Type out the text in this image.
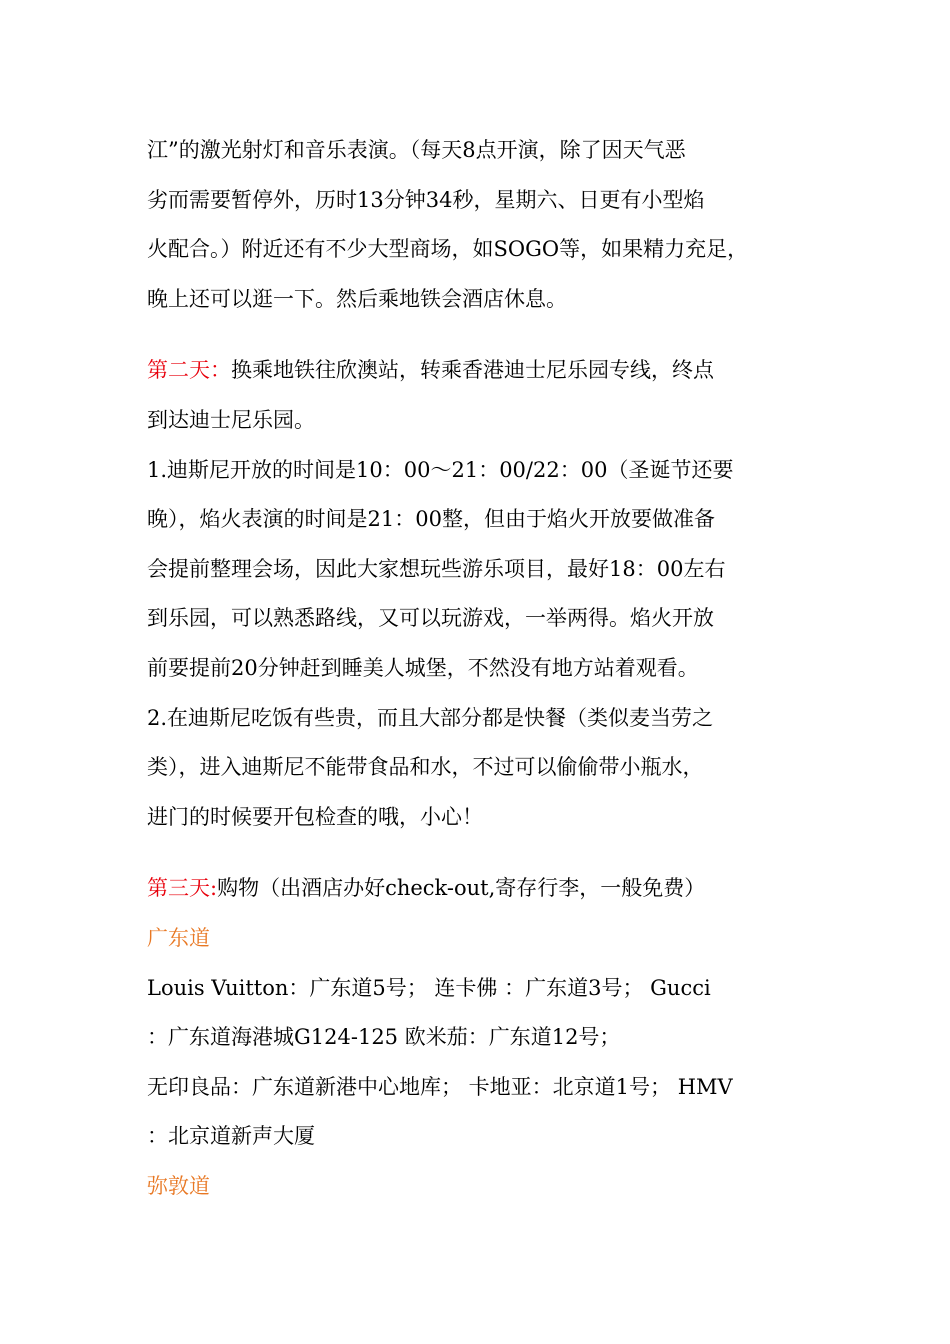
江”的激光射灯和音乐表演。（每天8点开演，除了因天气恶
劣而需要暂停外，历时13分钟34秒，星期六、日更有小型焰
火配合。）附近还有不少大型商场，如SOGO等，如果精力充足，
晚上还可以逛一下。然后乘地铁会酒店休息。
第二天：换乘地铁往欣澳站，转乘香港迪士尼乐园专线，终点
到达迪士尼乐园。
1.迪斯尼开放的时间是10：00～21：00/22：00（圣诞节还要
晚），焰火表演的时间是21：00整，但由于焰火开放要做准备
会提前整理会场，因此大家想玩些游乐项目，最好18：00左右
到乐园，可以熟悉路线，又可以玩游戏，一举两得。焰火开放
前要提前20分钟赶到睡美人城堡，不然没有地方站着观看。
2.在迪斯尼吃饭有些贵，而且大部分都是快餐（类似麦当劳之
类），进入迪斯尼不能带食品和水，不过可以偷偷带小瓶水，
进门的时候要开包检查的哦，小心！
第三天:购物（出酒店办好check-out,寄存行李，一般免费）
广东道
Louis Vuitton：广东道5号； 连卡佛 ：广东道3号； Gucci
：广东道海港城G124-125 欧米茄：广东道12号；
无印良品：广东道新港中心地库； 卡地亚：北京道1号； HMV
：北京道新声大厦
弥敦道
